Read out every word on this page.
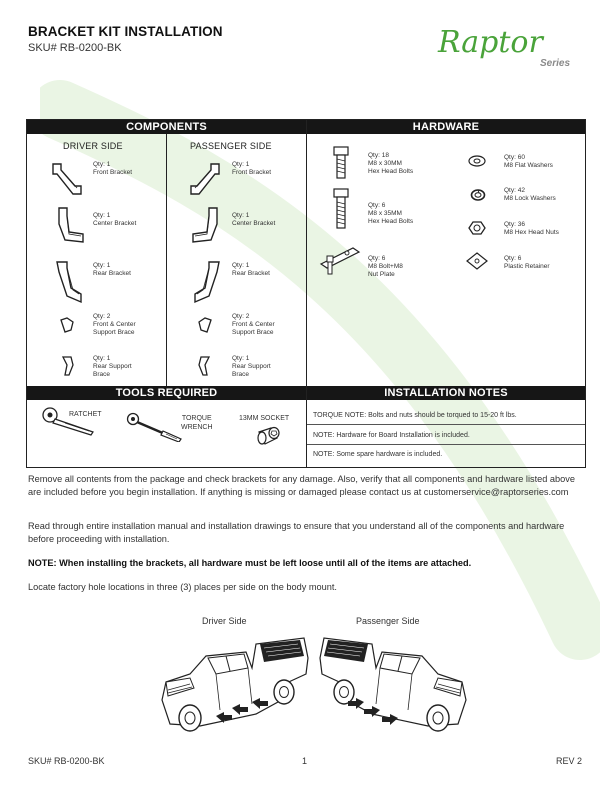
BRACKET KIT INSTALLATION
SKU# RB-0200-BK	Raptor
Series
COMPONENTS	HARDWARE
DRIVER SIDE	PASSENGER SIDE
Qty: 1
Front Bracket
Qty: 1
Center Bracket
Qty: 1
Rear Bracket
Qty: 2
Front & Center
Support Brace
Qty: 1
Rear Support
Brace
Qty: 1
Front Bracket
Qty: 1
Center Bracket
Qty: 1
Rear Bracket
Qty: 2
Front & Center
Support Brace
Qty: 1
Rear Support
Brace
Qty: 18
M8 x 30MM
Hex Head Bolts
Qty: 6
M8 x 35MM
Hex Head Bolts
Qty: 6
M8 Bolt+M8
Nut Plate
Qty: 60
M8 Flat Washers
Qty: 42
M8 Lock Washers
Qty: 36
M8 Hex Head Nuts
Qty: 6
Plastic Retainer
TOOLS REQUIRED	INSTALLATION NOTES
RATCHET
TORQUE
WRENCH
13MM SOCKET	TORQUE NOTE: Bolts and nuts should be torqued to 15-20 ft lbs.
NOTE: Hardware for Board Installation is included.
NOTE: Some spare hardware is included.
Remove all contents from the package and check brackets for any damage. Also, verify that all components and hardware listed above are included before you begin installation. If anything is missing or damaged please contact us at customerservice@raptorseries.com
Read through entire installation manual and installation drawings to ensure that you understand all of the components and hardware before proceeding with installation.
NOTE: When installing the brackets, all hardware must be left loose until all of the items are attached.
Locate factory hole locations in three (3) places per side on the body mount.
Driver Side	Passenger Side
SKU# RB-0200-BK	1	REV 2
